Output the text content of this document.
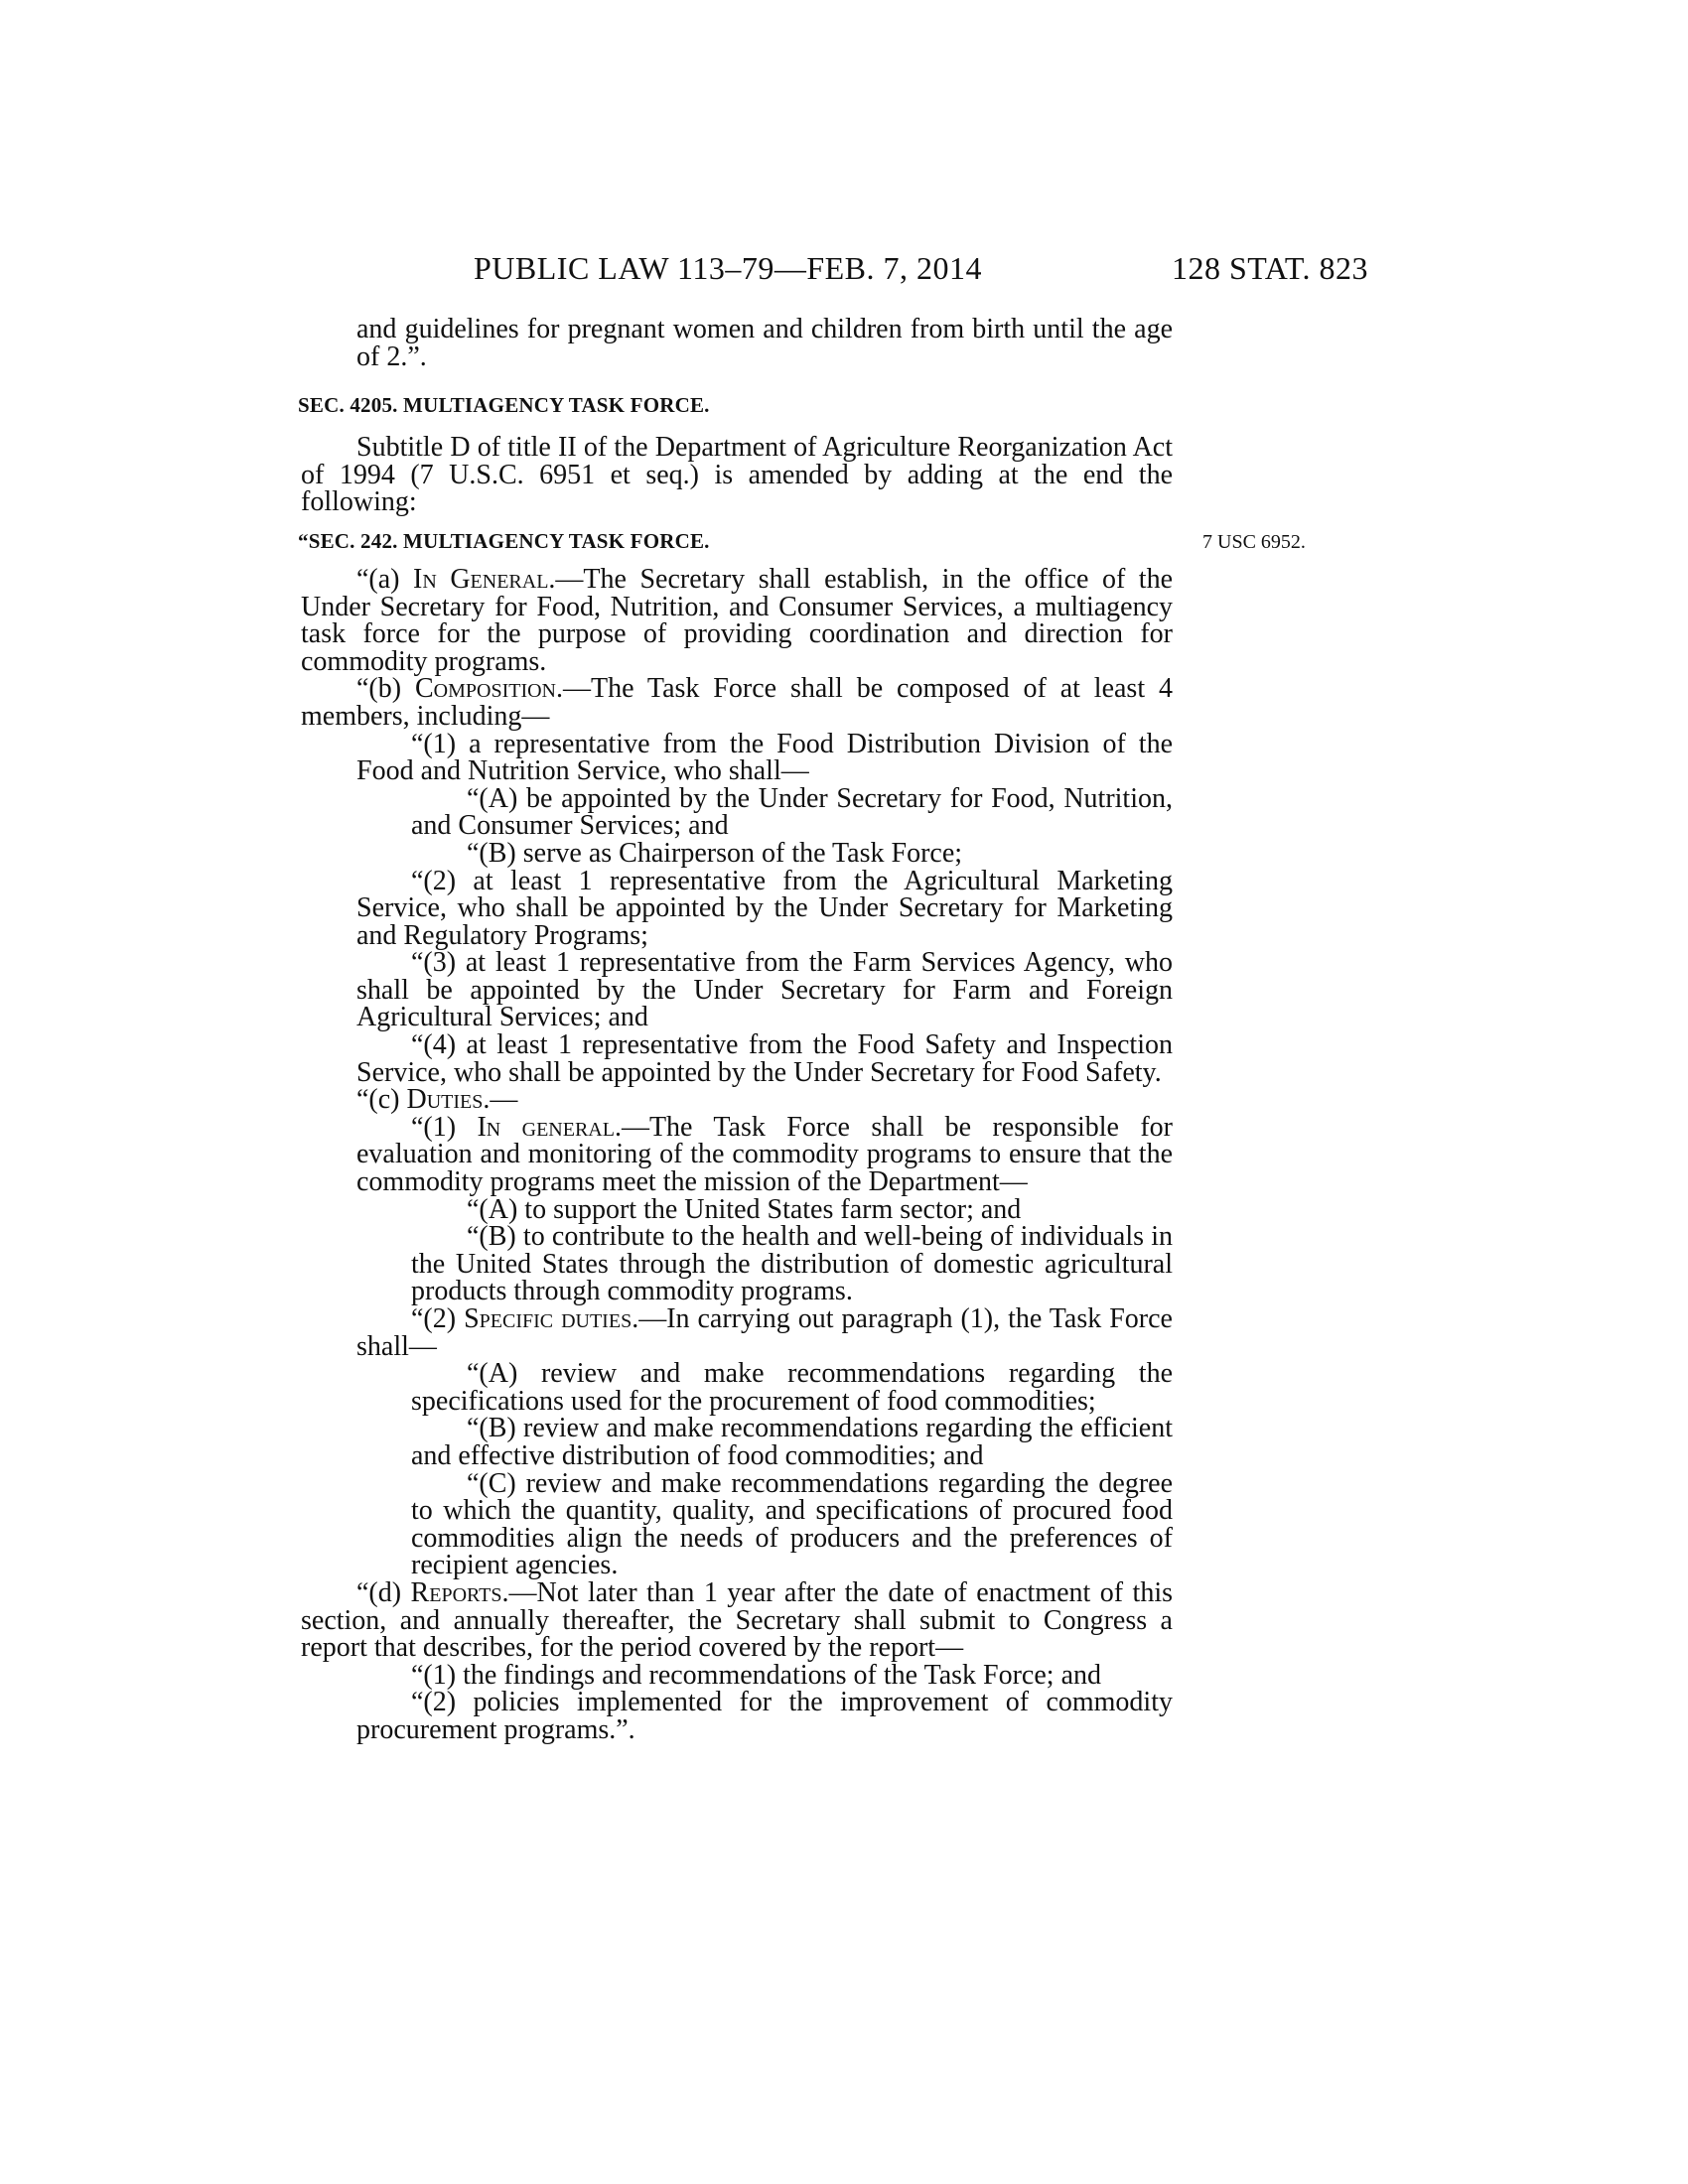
PUBLIC LAW 113–79—FEB. 7, 2014	128 STAT. 823
7 USC 6952.

and guidelines for pregnant women and children from birth until the age of 2.”.

SEC. 4205. MULTIAGENCY TASK FORCE.

Subtitle D of title II of the Department of Agriculture Reorganization Act of 1994 (7 U.S.C. 6951 et seq.) is amended by adding at the end the following:

“SEC. 242. MULTIAGENCY TASK FORCE.

“(a) In General.—The Secretary shall establish, in the office of the Under Secretary for Food, Nutrition, and Consumer Services, a multiagency task force for the purpose of providing coordination and direction for commodity programs.

“(b) Composition.—The Task Force shall be composed of at least 4 members, including—

“(1) a representative from the Food Distribution Division of the Food and Nutrition Service, who shall—

“(A) be appointed by the Under Secretary for Food, Nutrition, and Consumer Services; and

“(B) serve as Chairperson of the Task Force;

“(2) at least 1 representative from the Agricultural Marketing Service, who shall be appointed by the Under Secretary for Marketing and Regulatory Programs;

“(3) at least 1 representative from the Farm Services Agency, who shall be appointed by the Under Secretary for Farm and Foreign Agricultural Services; and

“(4) at least 1 representative from the Food Safety and Inspection Service, who shall be appointed by the Under Secretary for Food Safety.

“(c) Duties.—

“(1) In general.—The Task Force shall be responsible for evaluation and monitoring of the commodity programs to ensure that the commodity programs meet the mission of the Department—

“(A) to support the United States farm sector; and

“(B) to contribute to the health and well-being of individuals in the United States through the distribution of domestic agricultural products through commodity programs.

“(2) Specific duties.—In carrying out paragraph (1), the Task Force shall—

“(A) review and make recommendations regarding the specifications used for the procurement of food commodities;

“(B) review and make recommendations regarding the efficient and effective distribution of food commodities; and

“(C) review and make recommendations regarding the degree to which the quantity, quality, and specifications of procured food commodities align the needs of producers and the preferences of recipient agencies.

“(d) Reports.—Not later than 1 year after the date of enactment of this section, and annually thereafter, the Secretary shall submit to Congress a report that describes, for the period covered by the report—

“(1) the findings and recommendations of the Task Force; and

“(2) policies implemented for the improvement of commodity procurement programs.”.
